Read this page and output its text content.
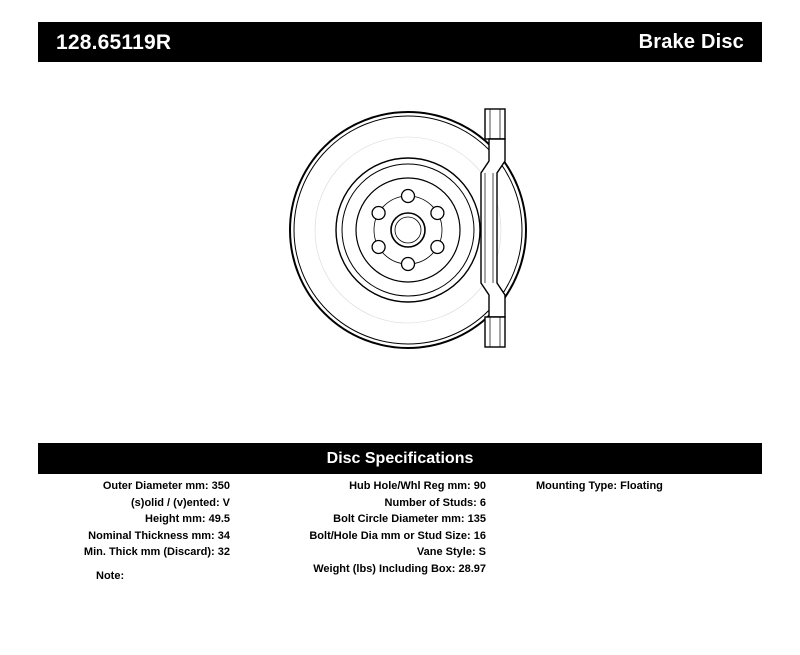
128.65119R	Brake Disc
Disc Specifications
Outer Diameter mm: 350
(s)olid / (v)ented: V
Height mm: 49.5
Nominal Thickness mm: 34
Min. Thick mm (Discard): 32
Hub Hole/Whl Reg mm: 90
Number of Studs: 6
Bolt Circle Diameter mm: 135
Bolt/Hole Dia mm or Stud Size: 16
Vane Style: S
Weight (lbs) Including Box: 28.97
Mounting Type: Floating
Note:
